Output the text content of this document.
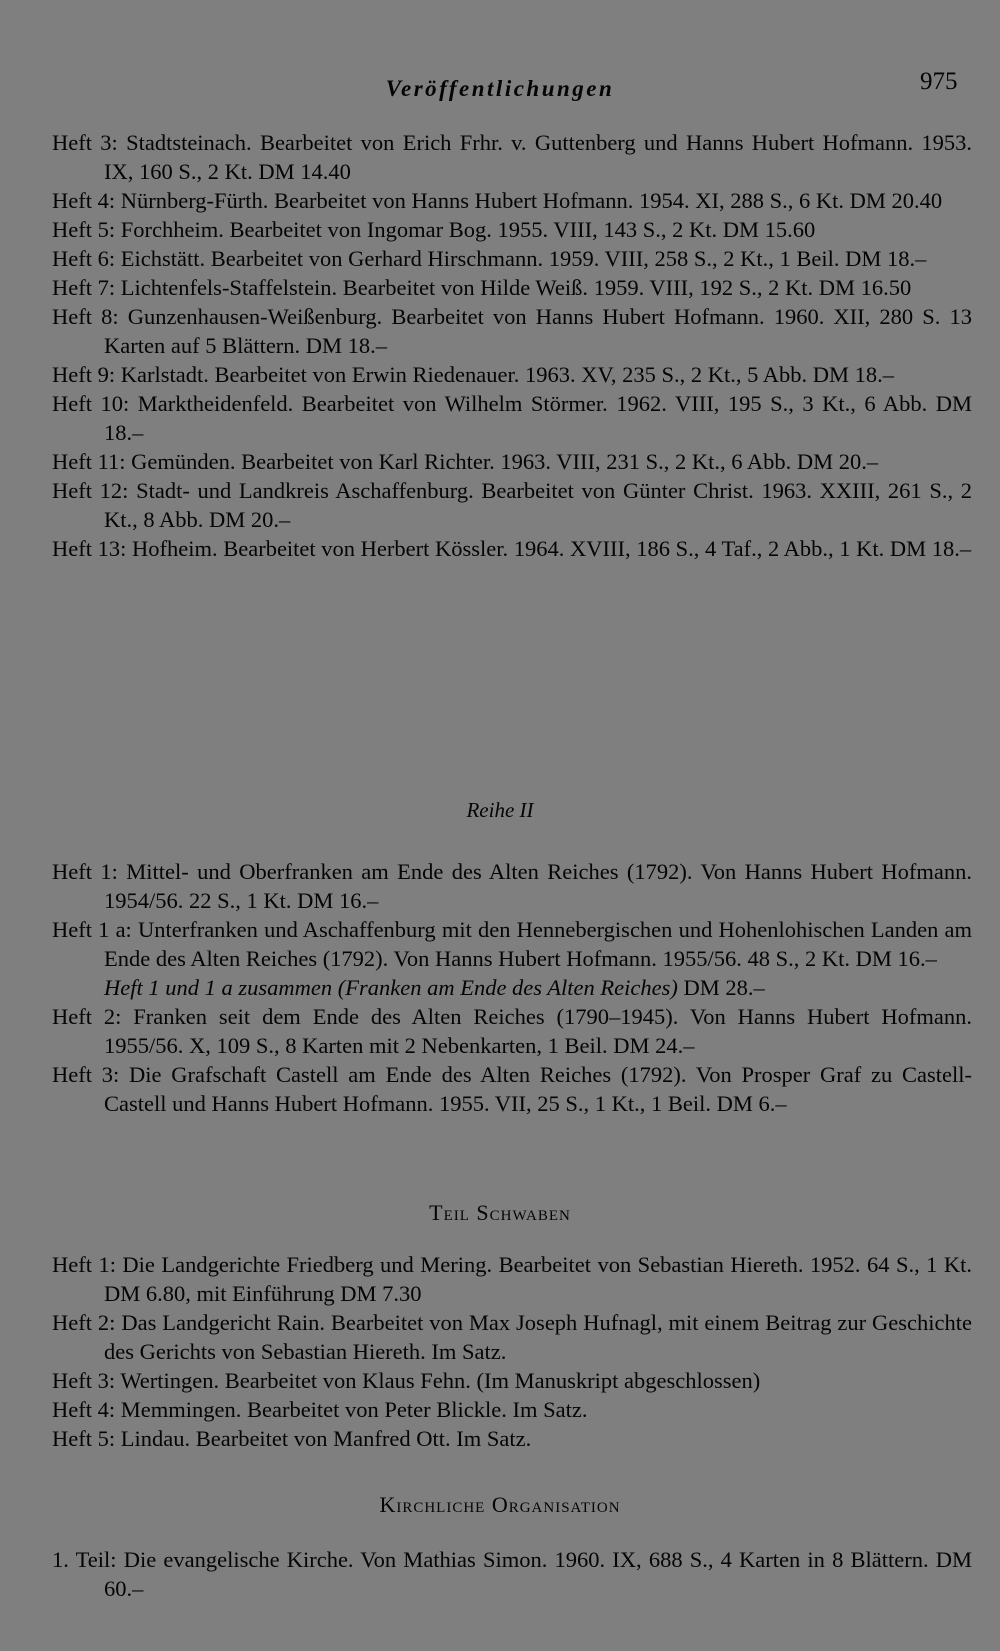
Veröffentlichungen	975

Heft 3: Stadtsteinach. Bearbeitet von Erich Frhr. v. Guttenberg und Hanns Hubert Hofmann. 1953. IX, 160 S., 2 Kt. DM 14.40

Heft 4: Nürnberg-Fürth. Bearbeitet von Hanns Hubert Hofmann. 1954. XI, 288 S., 6 Kt. DM 20.40

Heft 5: Forchheim. Bearbeitet von Ingomar Bog. 1955. VIII, 143 S., 2 Kt. DM 15.60

Heft 6: Eichstätt. Bearbeitet von Gerhard Hirschmann. 1959. VIII, 258 S., 2 Kt., 1 Beil. DM 18.–

Heft 7: Lichtenfels-Staffelstein. Bearbeitet von Hilde Weiß. 1959. VIII, 192 S., 2 Kt. DM 16.50

Heft 8: Gunzenhausen-Weißenburg. Bearbeitet von Hanns Hubert Hofmann. 1960. XII, 280 S. 13 Karten auf 5 Blättern. DM 18.–

Heft 9: Karlstadt. Bearbeitet von Erwin Riedenauer. 1963. XV, 235 S., 2 Kt., 5 Abb. DM 18.–

Heft 10: Marktheidenfeld. Bearbeitet von Wilhelm Störmer. 1962. VIII, 195 S., 3 Kt., 6 Abb. DM 18.–

Heft 11: Gemünden. Bearbeitet von Karl Richter. 1963. VIII, 231 S., 2 Kt., 6 Abb. DM 20.–

Heft 12: Stadt- und Landkreis Aschaffenburg. Bearbeitet von Günter Christ. 1963. XXIII, 261 S., 2 Kt., 8 Abb. DM 20.–

Heft 13: Hofheim. Bearbeitet von Herbert Kössler. 1964. XVIII, 186 S., 4 Taf., 2 Abb., 1 Kt. DM 18.–

Reihe II

Heft 1: Mittel- und Oberfranken am Ende des Alten Reiches (1792). Von Hanns Hubert Hofmann. 1954/56. 22 S., 1 Kt. DM 16.–

Heft 1 a: Unterfranken und Aschaffenburg mit den Hennebergischen und Hohenlohischen Landen am Ende des Alten Reiches (1792). Von Hanns Hubert Hofmann. 1955/56. 48 S., 2 Kt. DM 16.–

Heft 1 und 1 a zusammen (Franken am Ende des Alten Reiches) DM 28.–

Heft 2: Franken seit dem Ende des Alten Reiches (1790–1945). Von Hanns Hubert Hofmann. 1955/56. X, 109 S., 8 Karten mit 2 Nebenkarten, 1 Beil. DM 24.–

Heft 3: Die Grafschaft Castell am Ende des Alten Reiches (1792). Von Prosper Graf zu Castell-Castell und Hanns Hubert Hofmann. 1955. VII, 25 S., 1 Kt., 1 Beil. DM 6.–

Teil Schwaben

Heft 1: Die Landgerichte Friedberg und Mering. Bearbeitet von Sebastian Hiereth. 1952. 64 S., 1 Kt. DM 6.80, mit Einführung DM 7.30

Heft 2: Das Landgericht Rain. Bearbeitet von Max Joseph Hufnagl, mit einem Beitrag zur Geschichte des Gerichts von Sebastian Hiereth. Im Satz.

Heft 3: Wertingen. Bearbeitet von Klaus Fehn. (Im Manuskript abgeschlossen)

Heft 4: Memmingen. Bearbeitet von Peter Blickle. Im Satz.

Heft 5: Lindau. Bearbeitet von Manfred Ott. Im Satz.

Kirchliche Organisation

1. Teil: Die evangelische Kirche. Von Mathias Simon. 1960. IX, 688 S., 4 Karten in 8 Blättern. DM 60.–
